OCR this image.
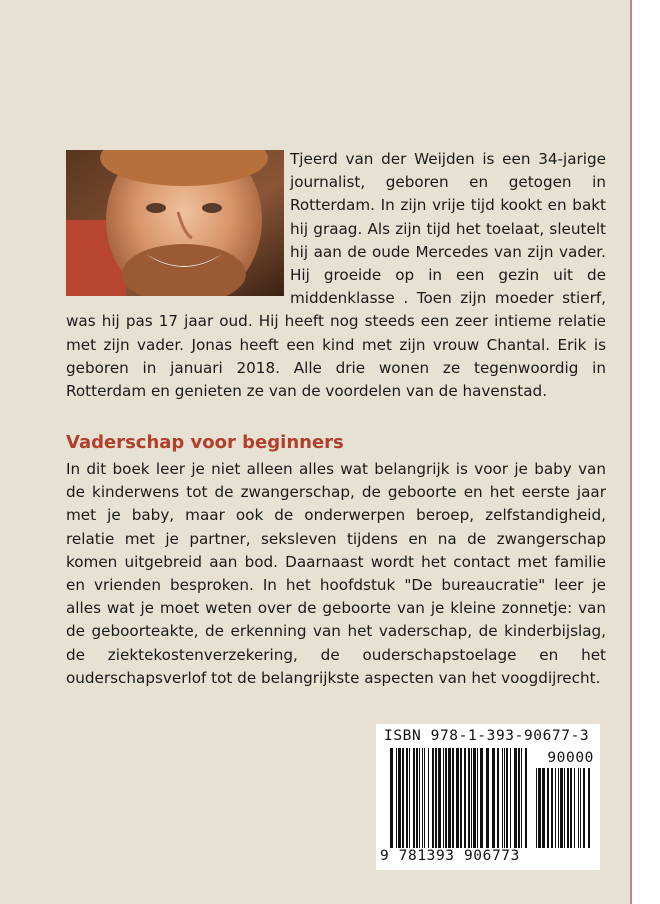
Tjeerd van der Weijden is een 34-jarige journalist, geboren en getogen in Rotterdam. In zijn vrije tijd kookt en bakt hij graag. Als zijn tijd het toelaat, sleutelt hij aan de oude Mercedes van zijn vader. Hij groeide op in een gezin uit de middenklasse . Toen zijn moeder stierf, was hij pas 17 jaar oud. Hij heeft nog steeds een zeer intieme relatie met zijn vader. Jonas heeft een kind met zijn vrouw Chantal. Erik is geboren in januari 2018. Alle drie wonen ze tegenwoordig in Rotterdam en genieten ze van de voordelen van de havenstad.
Vaderschap voor beginners
In dit boek leer je niet alleen alles wat belangrijk is voor je baby van de kinderwens tot de zwangerschap, de geboorte en het eerste jaar met je baby, maar ook de onderwerpen beroep, zelfstandigheid, relatie met je partner, seksleven tijdens en na de zwangerschap komen uitgebreid aan bod. Daarnaast wordt het contact met familie en vrienden besproken. In het hoofdstuk "De bureaucratie" leer je alles wat je moet weten over de geboorte van je kleine zonnetje: van de geboorteakte, de erkenning van het vaderschap, de kinderbijslag, de ziektekostenverzekering, de ouderschapstoelage en het ouderschapsverlof tot de belangrijkste aspecten van het voogdijrecht.
ISBN 978-1-393-90677-3
90000
9 781393 906773
